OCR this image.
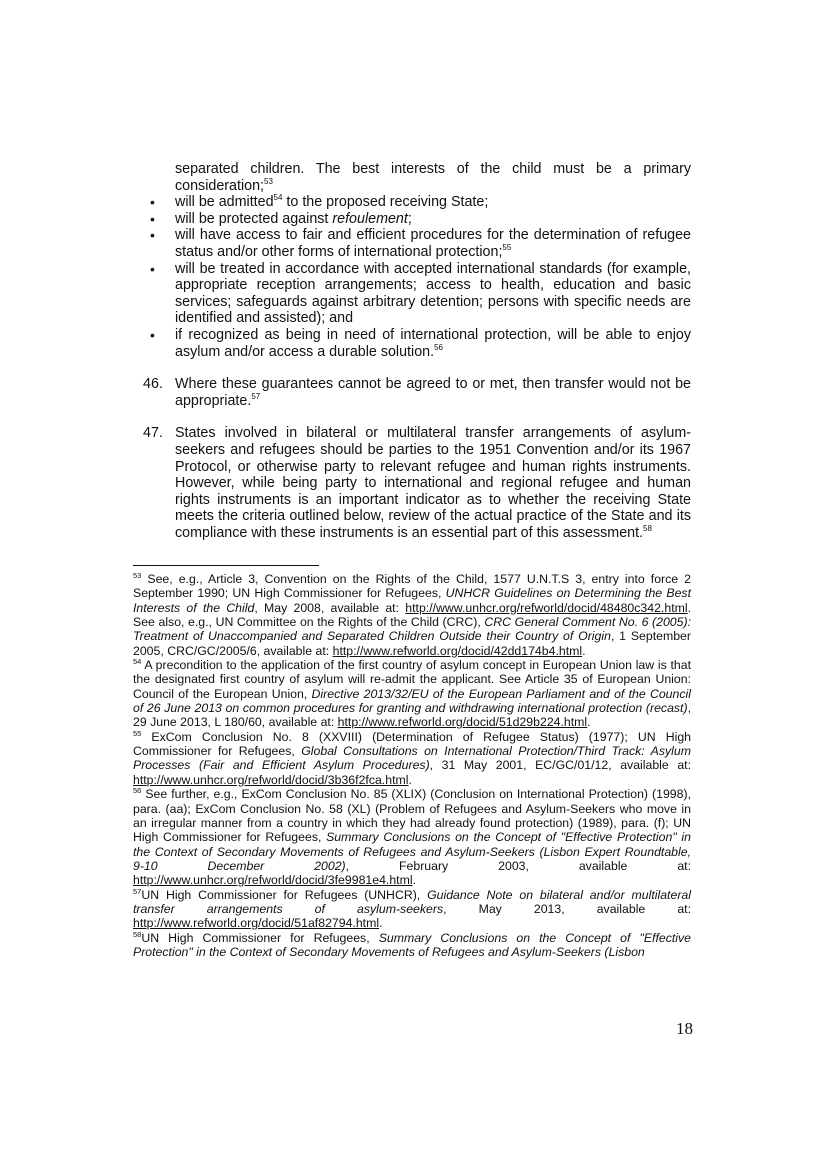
separated children. The best interests of the child must be a primary consideration;$^{53}$
• will be admitted$^{54}$ to the proposed receiving State;
• will be protected against refoulement;
• will have access to fair and efficient procedures for the determination of refugee status and/or other forms of international protection;$^{55}$
• will be treated in accordance with accepted international standards (for example, appropriate reception arrangements; access to health, education and basic services; safeguards against arbitrary detention; persons with specific needs are identified and assisted); and
• if recognized as being in need of international protection, will be able to enjoy asylum and/or access a durable solution.$^{56}$
46. Where these guarantees cannot be agreed to or met, then transfer would not be appropriate.$^{57}$
47. States involved in bilateral or multilateral transfer arrangements of asylum-seekers and refugees should be parties to the 1951 Convention and/or its 1967 Protocol, or otherwise party to relevant refugee and human rights instruments. However, while being party to international and regional refugee and human rights instruments is an important indicator as to whether the receiving State meets the criteria outlined below, review of the actual practice of the State and its compliance with these instruments is an essential part of this assessment.$^{58}$

$^{53}$ See, e.g., Article 3, Convention on the Rights of the Child, 1577 U.N.T.S 3, entry into force 2 September 1990; UN High Commissioner for Refugees, UNHCR Guidelines on Determining the Best Interests of the Child, May 2008, available at: http://www.unhcr.org/refworld/docid/48480c342.html. See also, e.g., UN Committee on the Rights of the Child (CRC), CRC General Comment No. 6 (2005): Treatment of Unaccompanied and Separated Children Outside their Country of Origin, 1 September 2005, CRC/GC/2005/6, available at: http://www.refworld.org/docid/42dd174b4.html.

$^{54}$ A precondition to the application of the first country of asylum concept in European Union law is that the designated first country of asylum will re-admit the applicant. See Article 35 of European Union: Council of the European Union, Directive 2013/32/EU of the European Parliament and of the Council of 26 June 2013 on common procedures for granting and withdrawing international protection (recast), 29 June 2013, L 180/60, available at: http://www.refworld.org/docid/51d29b224.html.

$^{55}$ ExCom Conclusion No. 8 (XXVIII) (Determination of Refugee Status) (1977); UN High Commissioner for Refugees, Global Consultations on International Protection/Third Track: Asylum Processes (Fair and Efficient Asylum Procedures), 31 May 2001, EC/GC/01/12, available at: http://www.unhcr.org/refworld/docid/3b36f2fca.html.

$^{56}$ See further, e.g., ExCom Conclusion No. 85 (XLIX) (Conclusion on International Protection) (1998), para. (aa); ExCom Conclusion No. 58 (XL) (Problem of Refugees and Asylum-Seekers who move in an irregular manner from a country in which they had already found protection) (1989), para. (f); UN High Commissioner for Refugees, Summary Conclusions on the Concept of "Effective Protection" in the Context of Secondary Movements of Refugees and Asylum-Seekers (Lisbon Expert Roundtable, 9-10 December 2002), February 2003, available at: http://www.unhcr.org/refworld/docid/3fe9981e4.html.

$^{57}$UN High Commissioner for Refugees (UNHCR), Guidance Note on bilateral and/or multilateral transfer arrangements of asylum-seekers, May 2013, available at: http://www.refworld.org/docid/51af82794.html.

$^{58}$UN High Commissioner for Refugees, Summary Conclusions on the Concept of "Effective Protection" in the Context of Secondary Movements of Refugees and Asylum-Seekers (Lisbon

18
